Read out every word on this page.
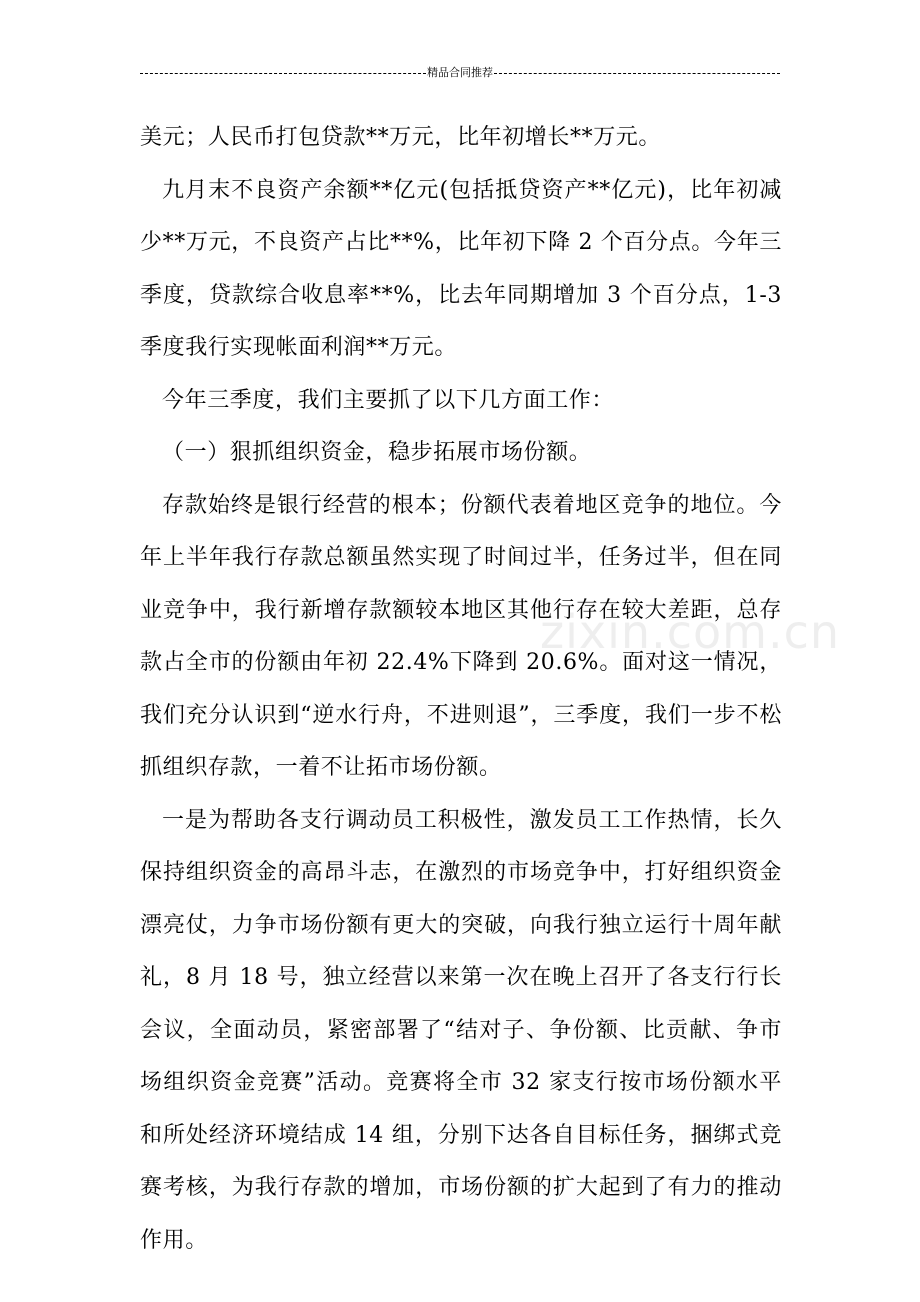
精品合同推荐

美元；人民币打包贷款**万元，比年初增长**万元。

九月末不良资产余额**亿元(包括抵贷资产**亿元)，比年初减少**万元，不良资产占比**%，比年初下降 2 个百分点。今年三季度，贷款综合收息率**%，比去年同期增加 3 个百分点，1-3 季度我行实现帐面利润**万元。

今年三季度，我们主要抓了以下几方面工作：

（一）狠抓组织资金，稳步拓展市场份额。

存款始终是银行经营的根本；份额代表着地区竞争的地位。今年上半年我行存款总额虽然实现了时间过半，任务过半，但在同业竞争中，我行新增存款额较本地区其他行存在较大差距，总存款占全市的份额由年初 22.4%下降到 20.6%。面对这一情况，我们充分认识到“逆水行舟，不进则退”，三季度，我们一步不松抓组织存款，一着不让拓市场份额。

一是为帮助各支行调动员工积极性，激发员工工作热情，长久保持组织资金的高昂斗志，在激烈的市场竞争中，打好组织资金漂亮仗，力争市场份额有更大的突破，向我行独立运行十周年献礼，8 月 18 号，独立经营以来第一次在晚上召开了各支行行长会议，全面动员，紧密部署了“结对子、争份额、比贡献、争市场组织资金竞赛”活动。竞赛将全市 32 家支行按市场份额水平和所处经济环境结成 14 组，分别下达各自目标任务，捆绑式竞赛考核，为我行存款的增加，市场份额的扩大起到了有力的推动作用。

zixin.com.cn
